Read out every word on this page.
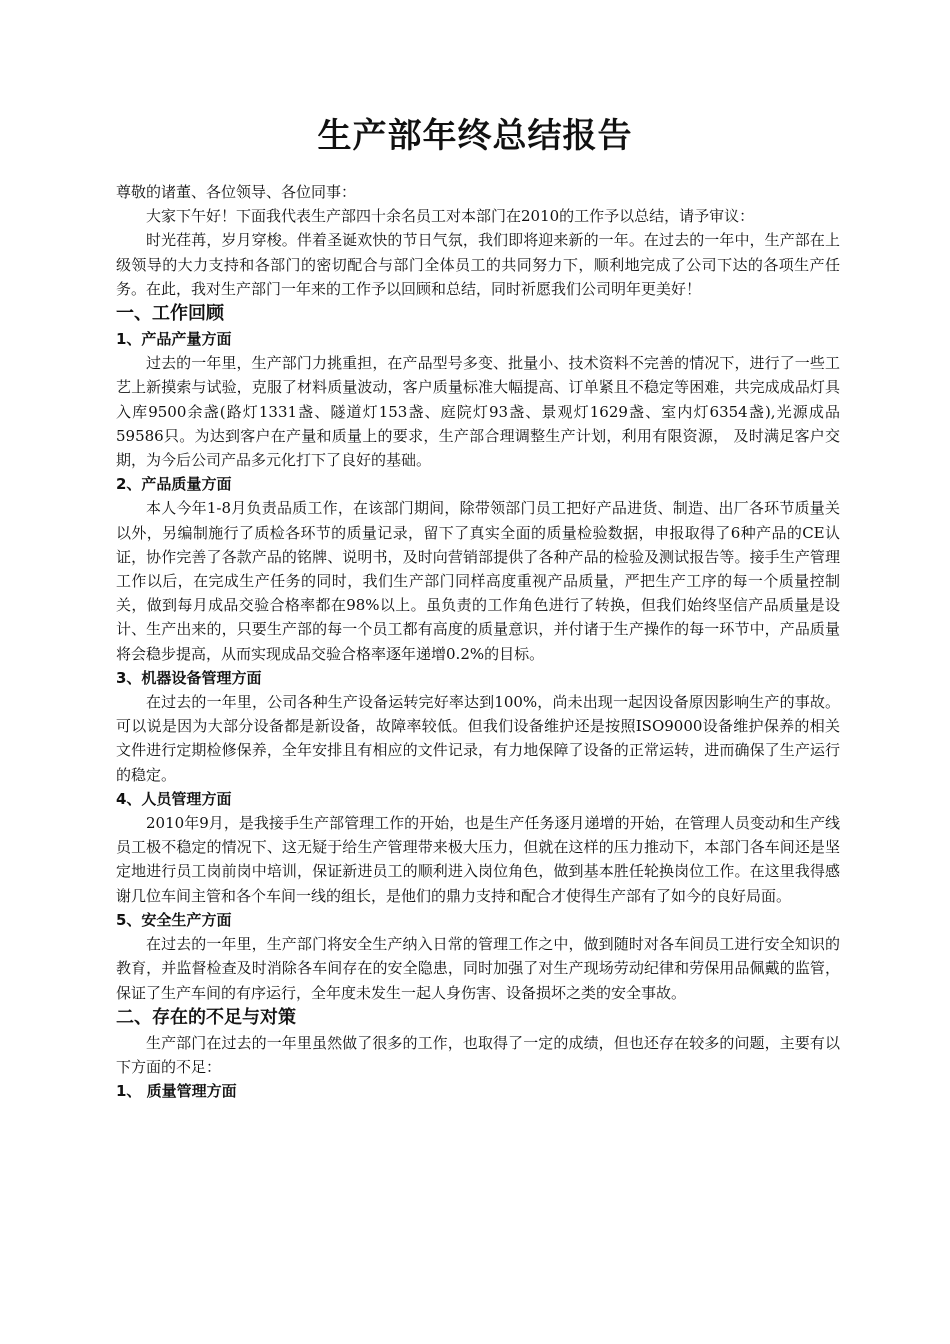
生产部年终总结报告

尊敬的诸董、各位领导、各位同事：

大家下午好！下面我代表生产部四十余名员工对本部门在2010的工作予以总结，请予审议：

时光荏苒，岁月穿梭。伴着圣诞欢快的节日气氛，我们即将迎来新的一年。在过去的一年中，生产部在上级领导的大力支持和各部门的密切配合与部门全体员工的共同努力下，顺利地完成了公司下达的各项生产任务。在此，我对生产部门一年来的工作予以回顾和总结，同时祈愿我们公司明年更美好！

一、工作回顾

1、产品产量方面

过去的一年里，生产部门力挑重担，在产品型号多变、批量小、技术资料不完善的情况下，进行了一些工艺上新摸索与试验，克服了材料质量波动，客户质量标准大幅提高、订单紧且不稳定等困难，共完成成品灯具入库9500余盏(路灯1331盏、隧道灯153盏、庭院灯93盏、景观灯1629盏、室内灯6354盏),光源成品59586只。为达到客户在产量和质量上的要求，生产部合理调整生产计划，利用有限资源， 及时满足客户交期，为今后公司产品多元化打下了良好的基础。

2、产品质量方面

本人今年1-8月负责品质工作，在该部门期间，除带领部门员工把好产品进货、制造、出厂各环节质量关以外，另编制施行了质检各环节的质量记录，留下了真实全面的质量检验数据，申报取得了6种产品的CE认证，协作完善了各款产品的铭牌、说明书，及时向营销部提供了各种产品的检验及测试报告等。接手生产管理工作以后，在完成生产任务的同时，我们生产部门同样高度重视产品质量，严把生产工序的每一个质量控制关，做到每月成品交验合格率都在98%以上。虽负责的工作角色进行了转换，但我们始终坚信产品质量是设计、生产出来的，只要生产部的每一个员工都有高度的质量意识，并付诸于生产操作的每一环节中，产品质量将会稳步提高，从而实现成品交验合格率逐年递增0.2%的目标。

3、机器设备管理方面

在过去的一年里，公司各种生产设备运转完好率达到100%，尚未出现一起因设备原因影响生产的事故。可以说是因为大部分设备都是新设备，故障率较低。但我们设备维护还是按照ISO9000设备维护保养的相关文件进行定期检修保养，全年安排且有相应的文件记录，有力地保障了设备的正常运转，进而确保了生产运行的稳定。

4、人员管理方面

2010年9月，是我接手生产部管理工作的开始，也是生产任务逐月递增的开始，在管理人员变动和生产线员工极不稳定的情况下、这无疑于给生产管理带来极大压力，但就在这样的压力推动下，本部门各车间还是坚定地进行员工岗前岗中培训，保证新进员工的顺利进入岗位角色，做到基本胜任轮换岗位工作。在这里我得感谢几位车间主管和各个车间一线的组长，是他们的鼎力支持和配合才使得生产部有了如今的良好局面。

5、安全生产方面

在过去的一年里，生产部门将安全生产纳入日常的管理工作之中，做到随时对各车间员工进行安全知识的教育，并监督检查及时消除各车间存在的安全隐患，同时加强了对生产现场劳动纪律和劳保用品佩戴的监管，保证了生产车间的有序运行，全年度未发生一起人身伤害、设备损坏之类的安全事故。

二、存在的不足与对策

生产部门在过去的一年里虽然做了很多的工作，也取得了一定的成绩，但也还存在较多的问题，主要有以下方面的不足：

1、 质量管理方面
